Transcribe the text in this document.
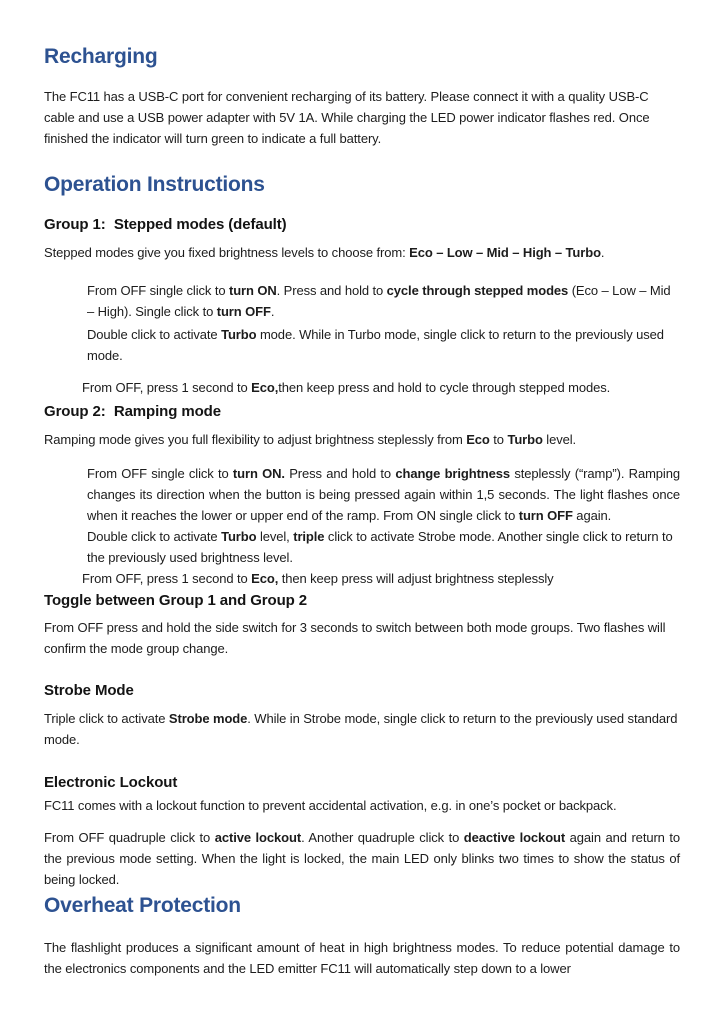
Recharging

The FC11 has a USB-C port for convenient recharging of its battery. Please connect it with a quality USB-C cable and use a USB power adapter with 5V 1A. While charging the LED power indicator flashes red. Once finished the indicator will turn green to indicate a full battery.

Operation Instructions
Group 1:  Stepped modes (default)

Stepped modes give you fixed brightness levels to choose from: Eco – Low – Mid – High – Turbo.

From OFF single click to turn ON. Press and hold to cycle through stepped modes (Eco – Low – Mid – High). Single click to turn OFF.

Double click to activate Turbo mode. While in Turbo mode, single click to return to the previously used mode.

From OFF, press 1 second to Eco,then keep press and hold to cycle through stepped modes.

Group 2:  Ramping mode

Ramping mode gives you full flexibility to adjust brightness steplessly from Eco to Turbo level.

From OFF single click to turn ON. Press and hold to change brightness steplessly (“ramp”). Ramping changes its direction when the button is being pressed again within 1,5 seconds. The light flashes once when it reaches the lower or upper end of the ramp. From ON single click to turn OFF again.

Double click to activate Turbo level, triple click to activate Strobe mode. Another single click to return to the previously used brightness level.

From OFF, press 1 second to Eco, then keep press will adjust brightness steplessly

Toggle between Group 1 and Group 2

From OFF press and hold the side switch for 3 seconds to switch between both mode groups. Two flashes will confirm the mode group change.

Strobe Mode

Triple click to activate Strobe mode. While in Strobe mode, single click to return to the previously used standard mode.

Electronic Lockout

FC11 comes with a lockout function to prevent accidental activation, e.g. in one’s pocket or backpack.

From OFF quadruple click to active lockout. Another quadruple click to deactive lockout again and return to the previous mode setting. When the light is locked, the main LED only blinks two times to show the status of being locked.

Overheat Protection

The flashlight produces a significant amount of heat in high brightness modes. To reduce potential damage to the electronics components and the LED emitter FC11 will automatically step down to a lower
